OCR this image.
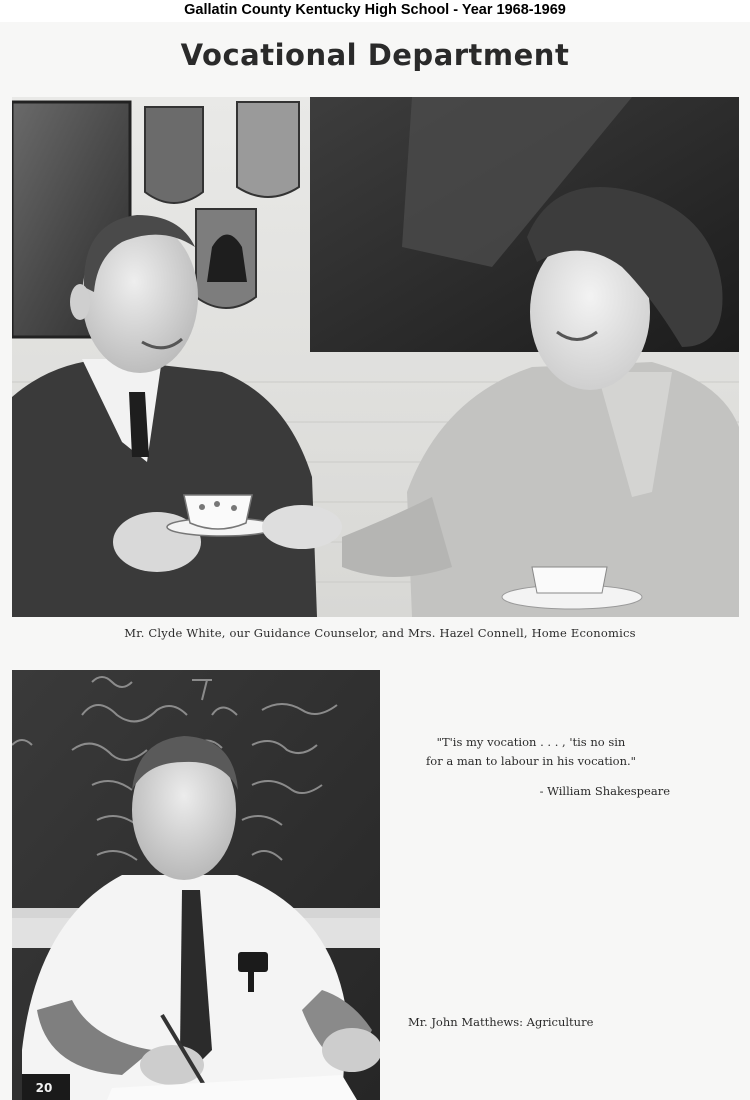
Gallatin County Kentucky High School - Year 1968-1969
Vocational Department
Mr. Clyde White, our Guidance Counselor, and Mrs. Hazel Connell, Home Economics
20
"T'is my vocation . . . , 'tis no sin
for a man to labour in his vocation."
- William Shakespeare
Mr. John Matthews: Agriculture
